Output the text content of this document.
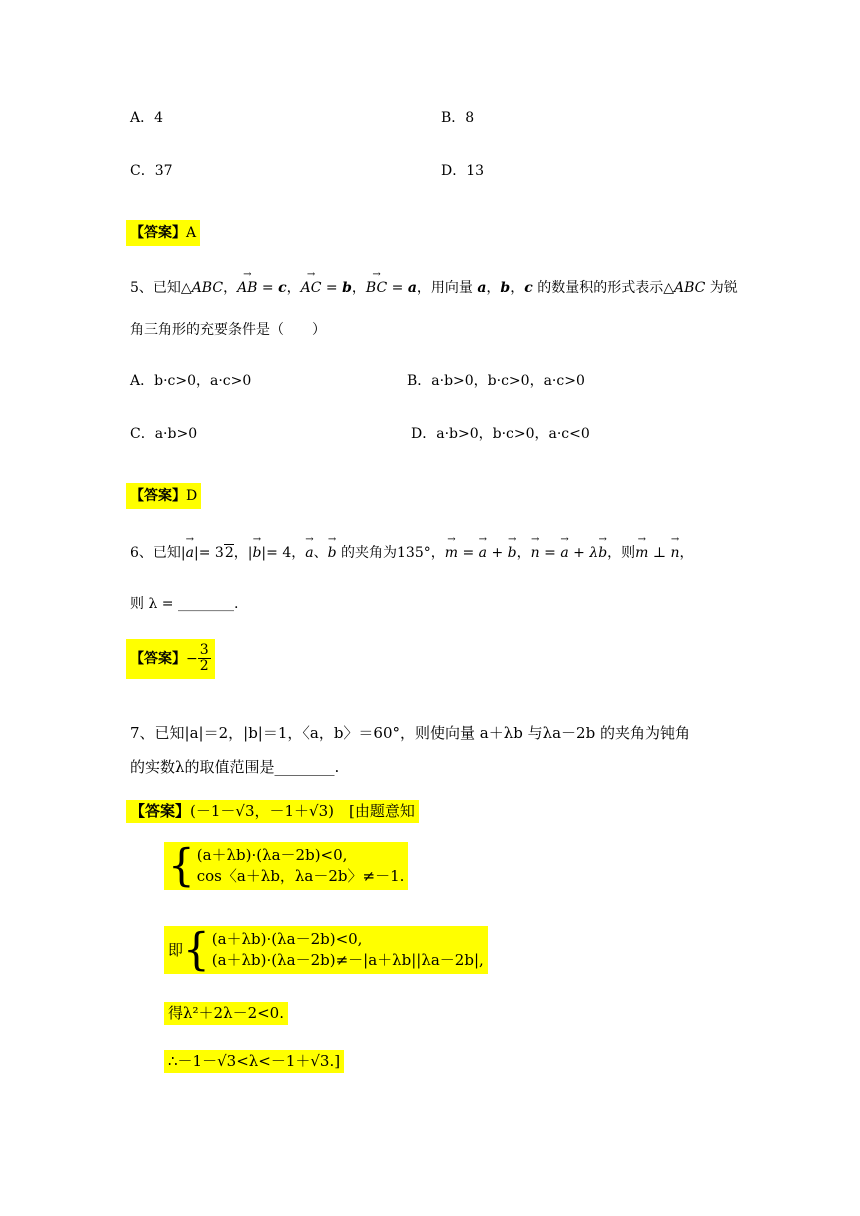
A．4	B．8
C．37	D．13
【答案】A
5、已知△ABC，→ AB = c，→ AC = b，→ BC = a，用向量 a，b，c 的数量积的形式表示△ABC 为锐
角三角形的充要条件是（　　）
A．b·c>0，a·c>0	B．a·b>0，b·c>0，a·c>0
C．a·b>0	D．a·b>0，b·c>0，a·c<0
【答案】D
6、已知|→ a|= 32，|→ b|= 4，→ a、→ b 的夹角为135°，→ m = → a + → b，→ n = → a + λ→ b，则→ m ⊥ → n，
则 λ = ________.
【答案】 − $\frac{3}{2}$
7、已知|a|＝2，|b|＝1，〈a，b〉＝60°，则使向量 a＋λb 与λa－2b 的夹角为钝角
的实数λ的取值范围是________.
【答案】(－1－√3，－1＋√3)　[由题意知
{ (a＋λb)·(λa－2b)<0,
cos〈a＋λb，λa－2b〉≠－1.
即 { (a＋λb)·(λa－2b)<0,
(a＋λb)·(λa－2b)≠－|a＋λb||λa－2b|,
得λ²＋2λ－2<0.
∴－1－√3<λ<－1＋√3.]
